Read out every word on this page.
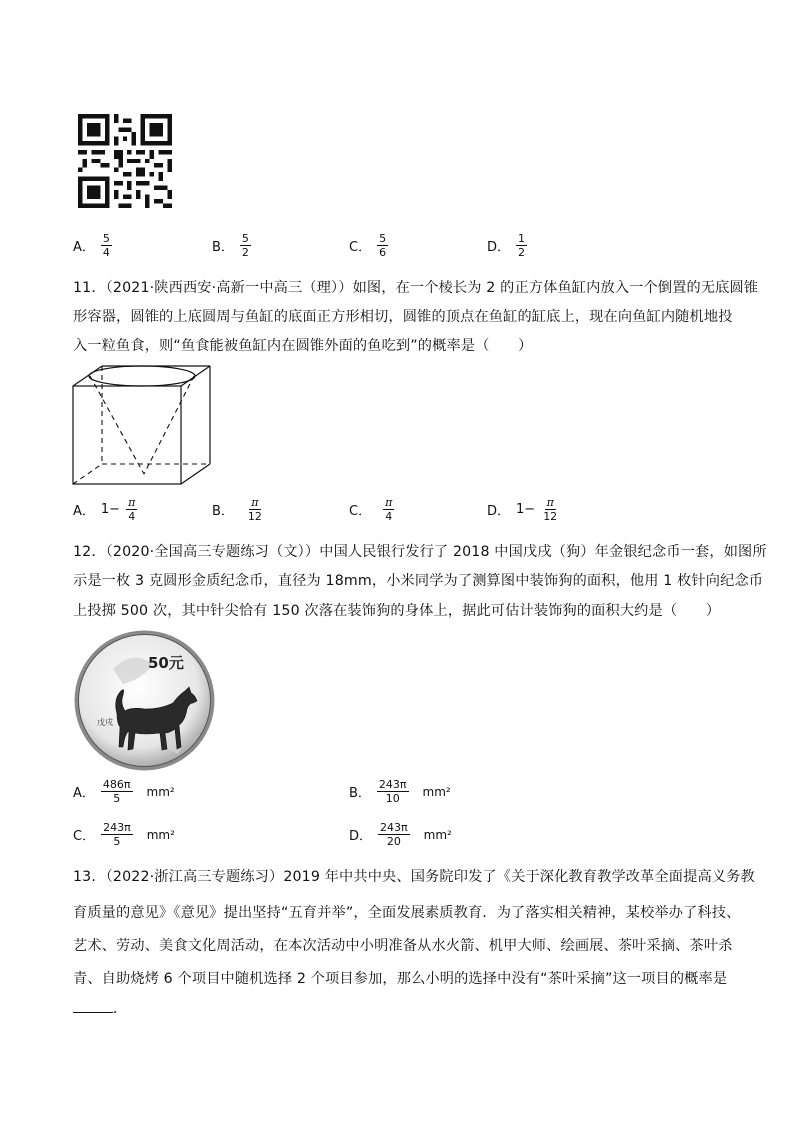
A． $\frac{5}{4}$	B． $\frac{5}{2}$	C． $\frac{5}{6}$	D． $\frac{1}{2}$
11．（2021·陕西西安·高新一中高三（理））如图，在一个棱长为 2 的正方体鱼缸内放入一个倒置的无底圆锥
形容器，圆锥的上底圆周与鱼缸的底面正方形相切，圆锥的顶点在鱼缸的缸底上，现在向鱼缸内随机地投
入一粒鱼食，则“鱼食能被鱼缸内在圆锥外面的鱼吃到”的概率是（　　）
A． $1- \frac{\pi}{4}$	B． $\frac{\pi}{12}$	C． $\frac{\pi}{4}$	D． $1- \frac{\pi}{12}$
12．（2020·全国高三专题练习（文））中国人民银行发行了 2018 中国戊戌（狗）年金银纪念币一套，如图所
示是一枚 3 克圆形金质纪念币，直径为 18mm，小米同学为了测算图中装饰狗的面积，他用 1 枚针向纪念币
上投掷 500 次，其中针尖恰有 150 次落在装饰狗的身体上，据此可估计装饰狗的面积大约是（　　）
50元
戊戌
A． $\frac{486\pi}{5} mm^2$	B． $\frac{243\pi}{10} mm^2$
C． $\frac{243\pi}{5} mm^2$	D． $\frac{243\pi}{20} mm^2$
13．（2022·浙江高三专题练习）2019 年中共中央、国务院印发了《关于深化教育教学改革全面提高义务教
育质量的意见》《意见》提出坚持“五育并举”，全面发展素质教育．为了落实相关精神，某校举办了科技、
艺术、劳动、美食文化周活动，在本次活动中小明准备从水火箭、机甲大师、绘画展、茶叶采摘、茶叶杀
青、自助烧烤 6 个项目中随机选择 2 个项目参加，那么小明的选择中没有“茶叶采摘”这一项目的概率是
．
